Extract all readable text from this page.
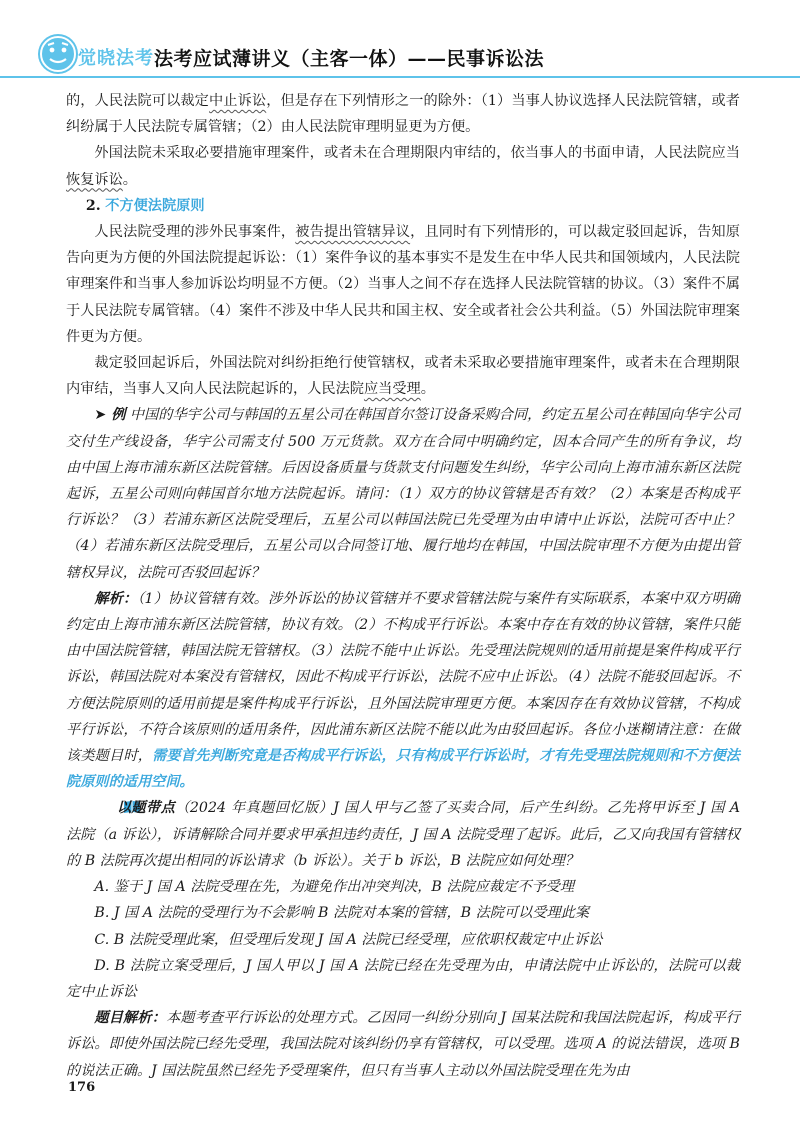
觉晓法考 法考应试薄讲义（主客一体）——民事诉讼法

的，人民法院可以裁定中止诉讼，但是存在下列情形之一的除外：（1）当事人协议选择人民法院管辖，或者纠纷属于人民法院专属管辖；（2）由人民法院审理明显更为方便。

外国法院未采取必要措施审理案件，或者未在合理期限内审结的，依当事人的书面申请，人民法院应当恢复诉讼。

2. 不方便法院原则

人民法院受理的涉外民事案件，被告提出管辖异议，且同时有下列情形的，可以裁定驳回起诉，告知原告向更为方便的外国法院提起诉讼：（1）案件争议的基本事实不是发生在中华人民共和国领域内，人民法院审理案件和当事人参加诉讼均明显不方便。（2）当事人之间不存在选择人民法院管辖的协议。（3）案件不属于人民法院专属管辖。（4）案件不涉及中华人民共和国主权、安全或者社会公共利益。（5）外国法院审理案件更为方便。

裁定驳回起诉后，外国法院对纠纷拒绝行使管辖权，或者未采取必要措施审理案件，或者未在合理期限内审结，当事人又向人民法院起诉的，人民法院应当受理。

➤ 例 中国的华宇公司与韩国的五星公司在韩国首尔签订设备采购合同，约定五星公司在韩国向华宇公司交付生产线设备，华宇公司需支付 500 万元货款。双方在合同中明确约定，因本合同产生的所有争议，均由中国上海市浦东新区法院管辖。后因设备质量与货款支付问题发生纠纷，华宇公司向上海市浦东新区法院起诉，五星公司则向韩国首尔地方法院起诉。请问：（1）双方的协议管辖是否有效？（2）本案是否构成平行诉讼？（3）若浦东新区法院受理后，五星公司以韩国法院已先受理为由申请中止诉讼，法院可否中止？（4）若浦东新区法院受理后，五星公司以合同签订地、履行地均在韩国，中国法院审理不方便为由提出管辖权异议，法院可否驳回起诉？

解析：（1）协议管辖有效。涉外诉讼的协议管辖并不要求管辖法院与案件有实际联系，本案中双方明确约定由上海市浦东新区法院管辖，协议有效。（2）不构成平行诉讼。本案中存在有效的协议管辖，案件只能由中国法院管辖，韩国法院无管辖权。（3）法院不能中止诉讼。先受理法院规则的适用前提是案件构成平行诉讼，韩国法院对本案没有管辖权，因此不构成平行诉讼，法院不应中止诉讼。（4）法院不能驳回起诉。不方便法院原则的适用前提是案件构成平行诉讼，且外国法院审理更方便。本案因存在有效协议管辖，不构成平行诉讼，不符合该原则的适用条件，因此浦东新区法院不能以此为由驳回起诉。各位小迷糊请注意：在做该类题目时，需要首先判断究竟是否构成平行诉讼，只有构成平行诉讼时，才有先受理法院规则和不方便法院原则的适用空间。

以题带点（2024 年真题回忆版）J 国人甲与乙签了买卖合同，后产生纠纷。乙先将甲诉至 J 国 A 法院（a 诉讼），诉请解除合同并要求甲承担违约责任，J 国 A 法院受理了起诉。此后，乙又向我国有管辖权的 B 法院再次提出相同的诉讼请求（b 诉讼）。关于 b 诉讼，B 法院应如何处理？

A. 鉴于 J 国 A 法院受理在先，为避免作出冲突判决，B 法院应裁定不予受理

B. J 国 A 法院的受理行为不会影响 B 法院对本案的管辖，B 法院可以受理此案

C. B 法院受理此案，但受理后发现 J 国 A 法院已经受理，应依职权裁定中止诉讼

D. B 法院立案受理后，J 国人甲以 J 国 A 法院已经在先受理为由，申请法院中止诉讼的，法院可以裁定中止诉讼

题目解析：本题考查平行诉讼的处理方式。乙因同一纠纷分别向 J 国某法院和我国法院起诉，构成平行诉讼。即使外国法院已经先受理，我国法院对该纠纷仍享有管辖权，可以受理。选项 A 的说法错误，选项 B 的说法正确。J 国法院虽然已经先予受理案件，但只有当事人主动以外国法院受理在先为由

176
